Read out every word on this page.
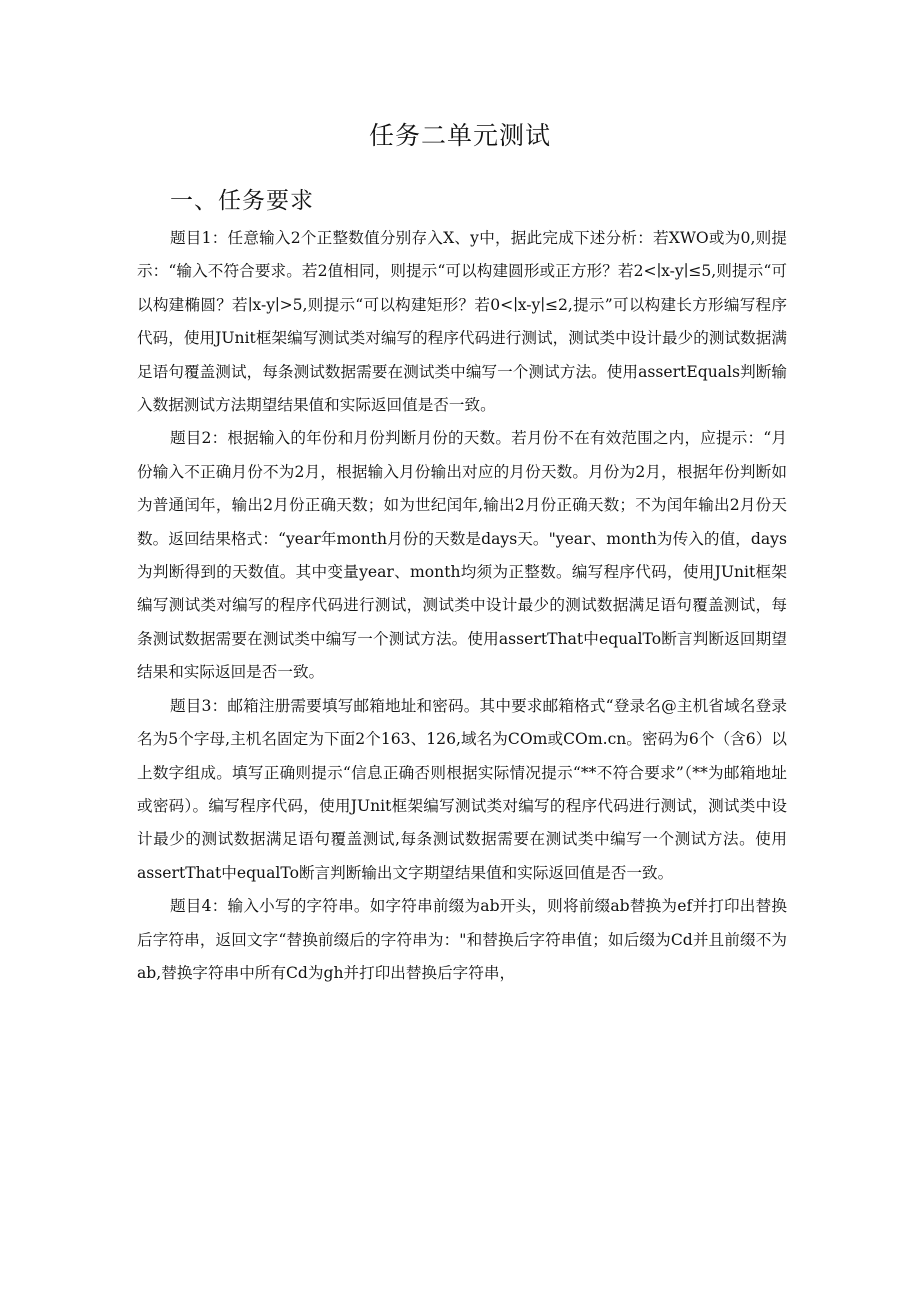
任务二单元测试
一、任务要求

题目1：任意输入2个正整数值分别存入X、y中，据此完成下述分析：若XWO或为0,则提示：“输入不符合要求。若2值相同，则提示“可以构建圆形或正方形？若2<∣x-y∣≤5,则提示“可以构建椭圆？若∣x-y∣>5,则提示“可以构建矩形？若0<∣x-y∣≤2,提示”可以构建长方形编写程序代码，使用JUnit框架编写测试类对编写的程序代码进行测试，测试类中设计最少的测试数据满足语句覆盖测试，每条测试数据需要在测试类中编写一个测试方法。使用assertEquals判断输入数据测试方法期望结果值和实际返回值是否一致。

题目2：根据输入的年份和月份判断月份的天数。若月份不在有效范围之内，应提示：“月份输入不正确月份不为2月，根据输入月份输出对应的月份天数。月份为2月，根据年份判断如为普通闰年，输出2月份正确天数；如为世纪闰年,输出2月份正确天数；不为闰年输出2月份天数。返回结果格式：“year年month月份的天数是days天。"year、month为传入的值，days为判断得到的天数值。其中变量year、month均须为正整数。编写程序代码，使用JUnit框架编写测试类对编写的程序代码进行测试，测试类中设计最少的测试数据满足语句覆盖测试，每条测试数据需要在测试类中编写一个测试方法。使用assertThat中equalTo断言判断返回期望结果和实际返回是否一致。

题目3：邮箱注册需要填写邮箱地址和密码。其中要求邮箱格式“登录名@主机省域名登录名为5个字母,主机名固定为下面2个163、126,域名为COm或COm.cn。密码为6个（含6）以上数字组成。填写正确则提示“信息正确否则根据实际情况提示“**不符合要求”（**为邮箱地址或密码）。编写程序代码，使用JUnit框架编写测试类对编写的程序代码进行测试，测试类中设计最少的测试数据满足语句覆盖测试,每条测试数据需要在测试类中编写一个测试方法。使用assertThat中equalTo断言判断输出文字期望结果值和实际返回值是否一致。

题目4：输入小写的字符串。如字符串前缀为ab开头，则将前缀ab替换为ef并打印出替换后字符串，返回文字“替换前缀后的字符串为："和替换后字符串值；如后缀为Cd并且前缀不为ab,替换字符串中所有Cd为gh并打印出替换后字符串，
